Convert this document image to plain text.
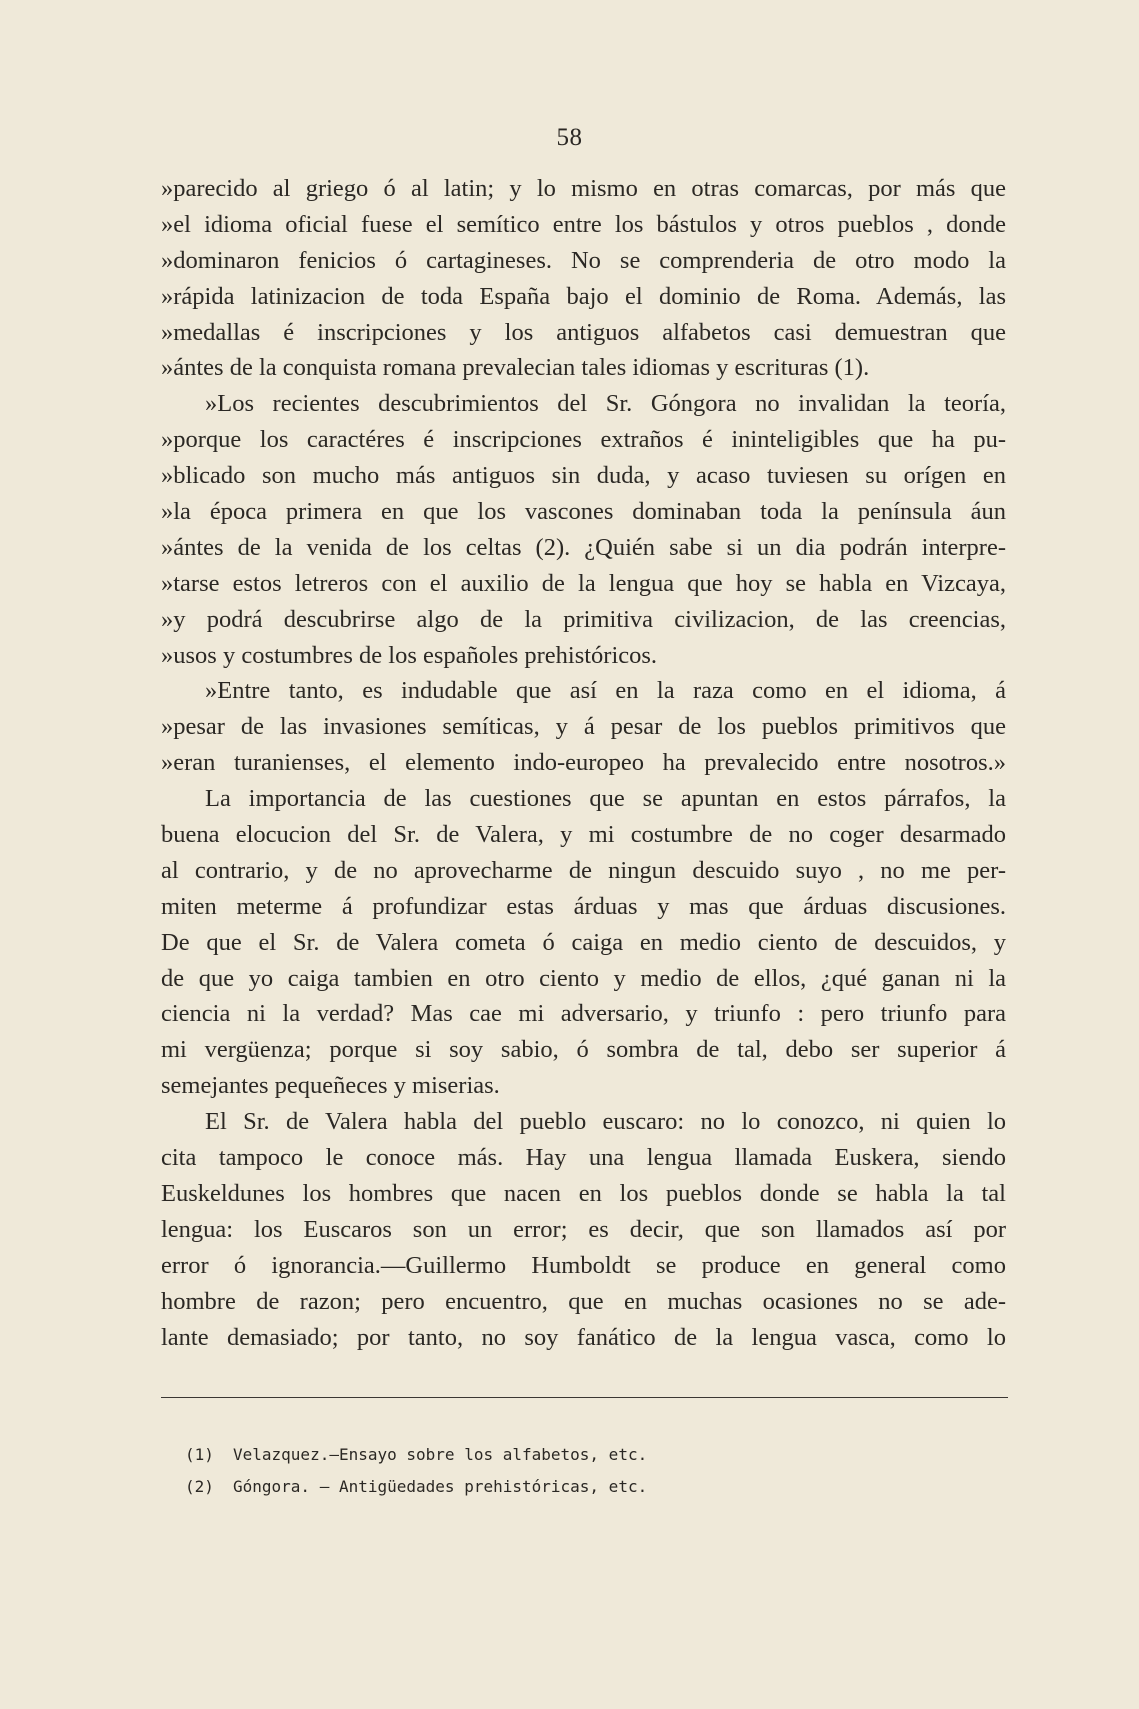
58
»parecido al griego ó al latin; y lo mismo en otras comarcas, por más que
»el idioma oficial fuese el semítico entre los bástulos y otros pueblos , donde
»dominaron fenicios ó cartagineses. No se comprenderia de otro modo la
»rápida latinizacion de toda España bajo el dominio de Roma. Además, las
»medallas é inscripciones y los antiguos alfabetos casi demuestran que
»ántes de la conquista romana prevalecian tales idiomas y escrituras (1).
»Los recientes descubrimientos del Sr. Góngora no invalidan la teoría,
»porque los caractéres é inscripciones extraños é ininteligibles que ha pu-
»blicado son mucho más antiguos sin duda, y acaso tuviesen su orígen en
»la época primera en que los vascones dominaban toda la península áun
»ántes de la venida de los celtas (2). ¿Quién sabe si un dia podrán interpre-
»tarse estos letreros con el auxilio de la lengua que hoy se habla en Vizcaya,
»y podrá descubrirse algo de la primitiva civilizacion, de las creencias,
»usos y costumbres de los españoles prehistóricos.
»Entre tanto, es indudable que así en la raza como en el idioma, á
»pesar de las invasiones semíticas, y á pesar de los pueblos primitivos que
»eran turanienses, el elemento indo-europeo ha prevalecido entre nosotros.»
La importancia de las cuestiones que se apuntan en estos párrafos, la
buena elocucion del Sr. de Valera, y mi costumbre de no coger desarmado
al contrario, y de no aprovecharme de ningun descuido suyo , no me per-
miten meterme á profundizar estas árduas y mas que árduas discusiones.
De que el Sr. de Valera cometa ó caiga en medio ciento de descuidos, y
de que yo caiga tambien en otro ciento y medio de ellos, ¿qué ganan ni la
ciencia ni la verdad? Mas cae mi adversario, y triunfo : pero triunfo para
mi vergüenza; porque si soy sabio, ó sombra de tal, debo ser superior á
semejantes pequeñeces y miserias.
El Sr. de Valera habla del pueblo euscaro: no lo conozco, ni quien lo
cita tampoco le conoce más. Hay una lengua llamada Euskera, siendo
Euskeldunes los hombres que nacen en los pueblos donde se habla la tal
lengua: los Euscaros son un error; es decir, que son llamados así por
error ó ignorancia.—Guillermo Humboldt se produce en general como
hombre de razon; pero encuentro, que en muchas ocasiones no se ade-
lante demasiado; por tanto, no soy fanático de la lengua vasca, como lo
(1) Velazquez.—Ensayo sobre los alfabetos, etc.
(2) Góngora. — Antigüedades prehistóricas, etc.
